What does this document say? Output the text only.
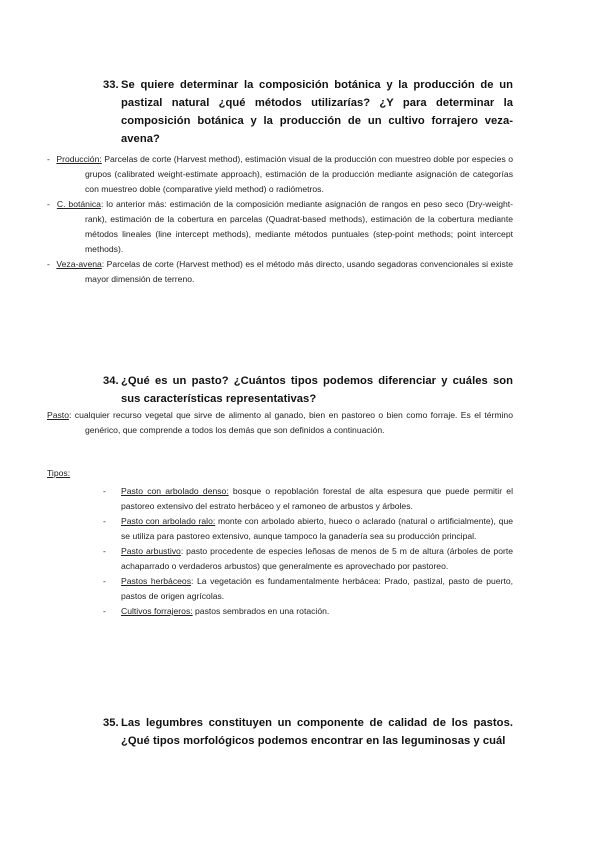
33. Se quiere determinar la composición botánica y la producción de un pastizal natural ¿qué métodos utilizarías? ¿Y para determinar la composición botánica y la producción de un cultivo forrajero veza-avena?
- Producción: Parcelas de corte (Harvest method), estimación visual de la producción con muestreo doble por especies o grupos (calibrated weight-estimate approach), estimación de la producción mediante asignación de categorías con muestreo doble (comparative yield method) o radiómetros.
- C. botánica: lo anterior más: estimación de la composición mediante asignación de rangos en peso seco (Dry-weight-rank), estimación de la cobertura en parcelas (Quadrat-based methods), estimación de la cobertura mediante métodos lineales (line intercept methods), mediante métodos puntuales (step-point methods; point intercept methods).
- Veza-avena: Parcelas de corte (Harvest method) es el método más directo, usando segadoras convencionales si existe mayor dimensión de terreno.
34. ¿Qué es un pasto? ¿Cuántos tipos podemos diferenciar y cuáles son sus características representativas?
Pasto: cualquier recurso vegetal que sirve de alimento al ganado, bien en pastoreo o bien como forraje. Es el término genérico, que comprende a todos los demás que son definidos a continuación.
Tipos:
- Pasto con arbolado denso: bosque o repoblación forestal de alta espesura que puede permitir el pastoreo extensivo del estrato herbáceo y el ramoneo de arbustos y árboles.
- Pasto con arbolado ralo: monte con arbolado abierto, hueco o aclarado (natural o artificialmente), que se utiliza para pastoreo extensivo, aunque tampoco la ganadería sea su producción principal.
- Pasto arbustivo: pasto procedente de especies leñosas de menos de 5 m de altura (árboles de porte achaparrado o verdaderos arbustos) que generalmente es aprovechado por pastoreo.
- Pastos herbáceos: La vegetación es fundamentalmente herbácea: Prado, pastizal, pasto de puerto, pastos de origen agrícolas.
- Cultivos forrajeros: pastos sembrados en una rotación.
35. Las legumbres constituyen un componente de calidad de los pastos. ¿Qué tipos morfológicos podemos encontrar en las leguminosas y cuál
